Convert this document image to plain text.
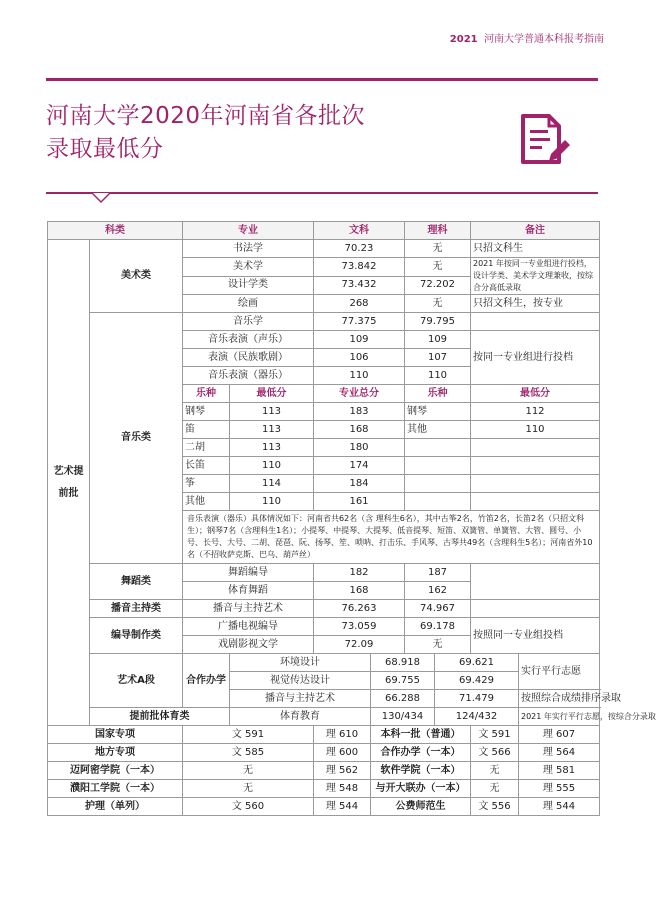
2021 河南大学普通本科报考指南
河南大学2020年河南省各批次
录取最低分
科类		专业		文科		理科		备注		
艺术提前批	美术类	书法学		70.23		无		只招文科生		
		美术学		73.842		无		2021 年按同一专业组进行投档，设计学类、美术学文理兼收，按综合分高低录取		
		设计学类		73.432		72.202				
		绘画		268		无		只招文科生，按专业		
	音乐类	音乐学		77.375		79.795				
		音乐表演（声乐）		109		109		按同一专业组进行投档		
		表演（民族歌剧）		106		107				
		音乐表演（器乐）		110		110				
		乐种	最低分	专业总分		乐种		最低分	
		钢琴	113	183		钢琴		112	
		笛	113	168		其他		110	
		二胡	113	180						
		长笛	110	174						
		筝	114	184						
		其他	110	161						
		音乐表演（器乐）具体情况如下：河南省共62名（含 理科生6名），其中古筝2名，竹笛2名，长笛2名（只招文科生）；钢琴7名（含理科生1名）；小提琴、中提琴、大提琴、低音提琴、短笛、双簧管、单簧管、大管、圆号、小号、长号、大号、二胡、琵琶、阮、扬琴、笙、唢呐、打击乐、手风琴、古琴共49名（含理科生5名）；河南省外10名（不招收萨克斯、巴乌、葫芦丝）								

	舞蹈类	舞蹈编导		182		187				
		体育舞蹈		168		162				
	播音主持类	播音与主持艺术		76.263		74.967				
	编导制作类	广播电视编导		73.059		69.178		按照同一专业组投档		
		戏剧影视文学		72.09		无				
	艺术A段	合作办学	环境设计		68.918		69.621		实行平行志愿	
			视觉传达设计		69.755		69.429			
			播音与主持艺术		66.288		71.479		按照综合成绩排序录取	
	提前批体育类		体育教育		130/434		124/432		2021 年实行平行志愿，按综合分录取	
国家专项		文 591		理 610	本科一批（普通）			文 591	理 607	
地方专项		文 585		理 600	合作办学（一本）			文 566	理 564	
迈阿密学院（一本）		无		理 562	软件学院（一本）			无	理 581	
濮阳工学院（一本）		无		理 548	与开大联办（一本）			无	理 555	
护理（单列）		文 560		理 544	公费师范生			文 556	理 544	
